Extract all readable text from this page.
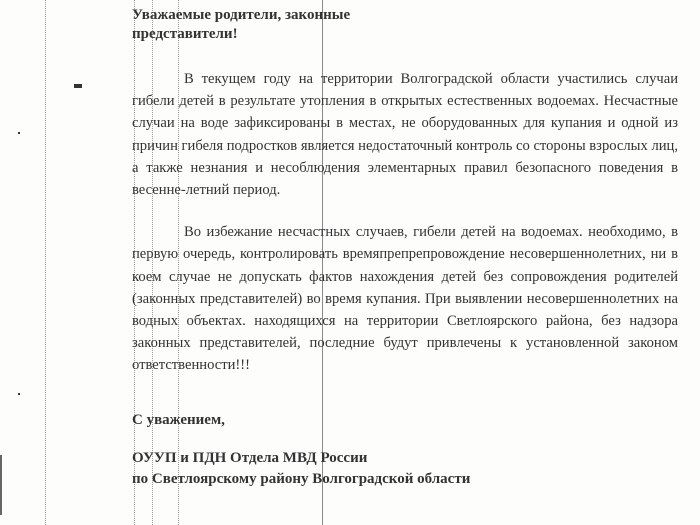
Уважаемые родители, законные представители!

В текущем году на территории Волгоградской области участились случаи гибели детей в результате утопления в открытых естественных водоемах. Несчастные случаи на воде зафиксированы в местах, не оборудованных для купания и одной из причин гибеля подростков является недостаточный контроль со стороны взрослых лиц, а также незнания и несоблюдения элементарных правил безопасного поведения в весенне-летний период.

Во избежание несчастных случаев, гибели детей на водоемах. необходимо, в первую очередь, контролировать времяпрепрепровождение несовершеннолетних, ни в коем случае не допускать фактов нахождения детей без сопровождения родителей (законных представителей) во время купания. При выявлении несовершеннолетних на водных объектах. находящихся на территории Светлоярского района, без надзора законных представителей, последние будут привлечены к установленной законом ответственности!!!

С уважением,
ОУУП и ПДН Отдела МВД России
по Светлоярскому району Волгоградской области
